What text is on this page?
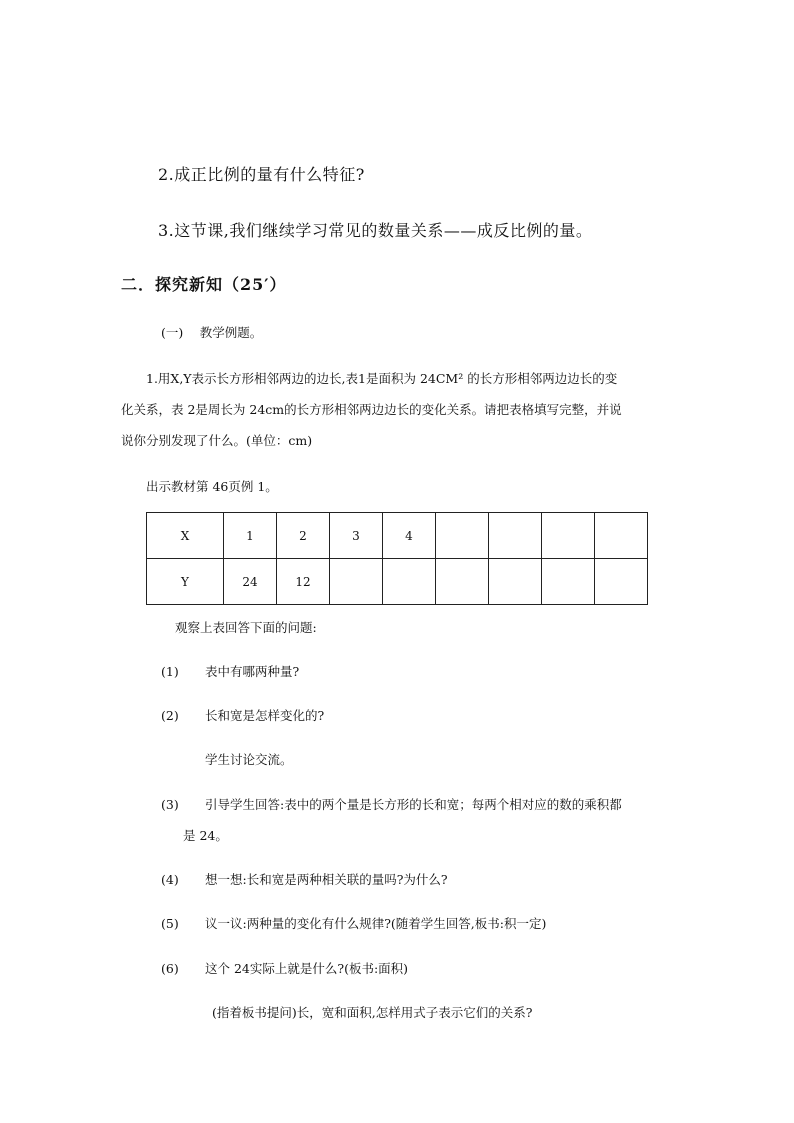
2.成正比例的量有什么特征?
3.这节课,我们继续学习常见的数量关系——成反比例的量。
二．探究新知（25′）
(一)　 教学例题。
1.用X,Y表示长方形相邻两边的边长,表1是面积为 24CM² 的长方形相邻两边边长的变
化关系，表 2是周长为 24cm的长方形相邻两边边长的变化关系。请把表格填写完整，并说
说你分别发现了什么。(单位：cm)
出示教材第 46页例 1。
X	1	2	3	4				
Y	24	12						
观察上表回答下面的问题:
(1) 表中有哪两种量?
(2) 长和宽是怎样变化的?
学生讨论交流。
(3) 引导学生回答:表中的两个量是长方形的长和宽；每两个相对应的数的乘积都
是 24。
(4) 想一想:长和宽是两种相关联的量吗?为什么?
(5) 议一议:两种量的变化有什么规律?(随着学生回答,板书:积一定)
(6) 这个 24实际上就是什么?(板书:面积)
(指着板书提问)长，宽和面积,怎样用式子表示它们的关系?
